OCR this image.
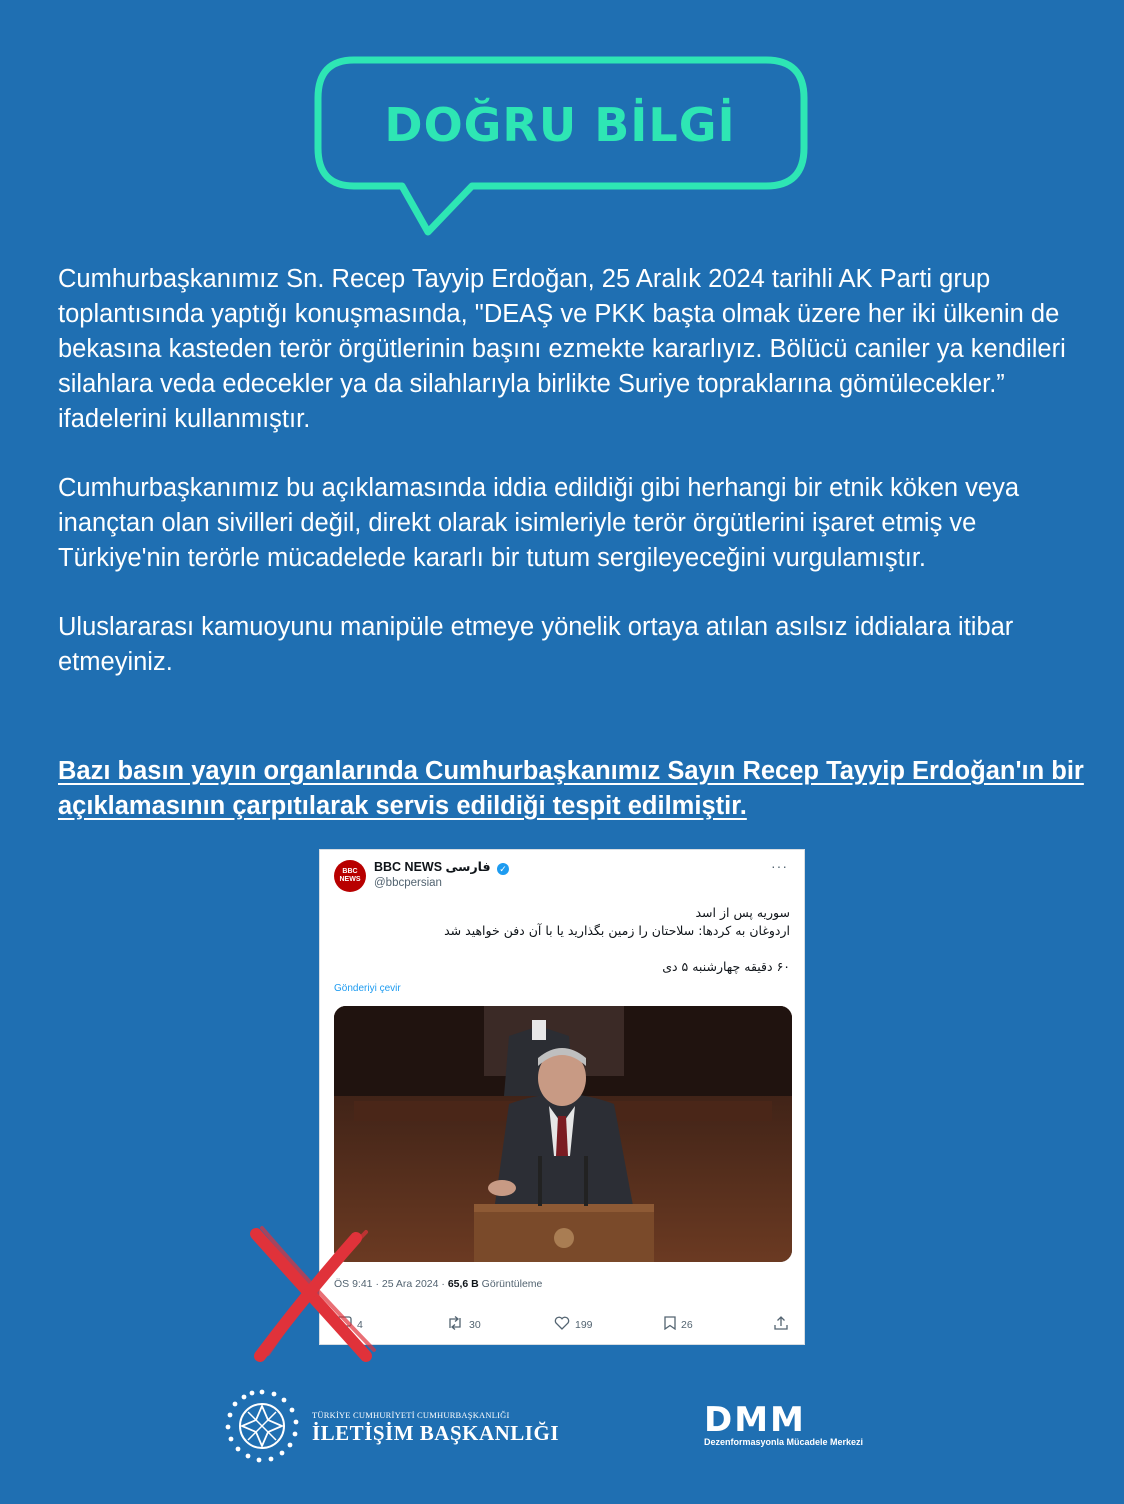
DOĞRU BİLGİ

Cumhurbaşkanımız Sn. Recep Tayyip Erdoğan, 25 Aralık 2024 tarihli AK Parti grup toplantısında yaptığı konuşmasında, "DEAŞ ve PKK başta olmak üzere her iki ülkenin de bekasına kasteden terör örgütlerinin başını ezmekte kararlıyız. Bölücü caniler ya kendileri silahlara veda edecekler ya da silahlarıyla birlikte Suriye topraklarına gömülecekler.” ifadelerini kullanmıştır.

Cumhurbaşkanımız bu açıklamasında iddia edildiği gibi herhangi bir etnik köken veya inançtan olan sivilleri değil, direkt olarak isimleriyle terör örgütlerini işaret etmiş ve Türkiye'nin terörle mücadelede kararlı bir tutum sergileyeceğini vurgulamıştır.

Uluslararası kamuoyunu manipüle etmeye yönelik ortaya atılan asılsız iddialara itibar etmeyiniz.

Bazı basın yayın organlarında Cumhurbaşkanımız Sayın Recep Tayyip Erdoğan'ın bir açıklamasının çarpıtılarak servis edildiği tespit edilmiştir.
BBC NEWS
BBC NEWS فارسی ✓
@bbcpersian
···
سوریه پس از اسد
اردوغان به کردها: سلاحتان را زمین بگذارید یا با آن دفن خواهید شد
۶۰ دقیقه چهارشنبه ۵ دی
Gönderiyi çevir
ÖS 9:41 · 25 Ara 2024 · 65,6 B Görüntüleme
4	30	199	26
TÜRKİYE CUMHURİYETİ CUMHURBAŞKANLIĞI
İLETİŞİM BAŞKANLIĞI	DMM
Dezenformasyonla Mücadele Merkezi
